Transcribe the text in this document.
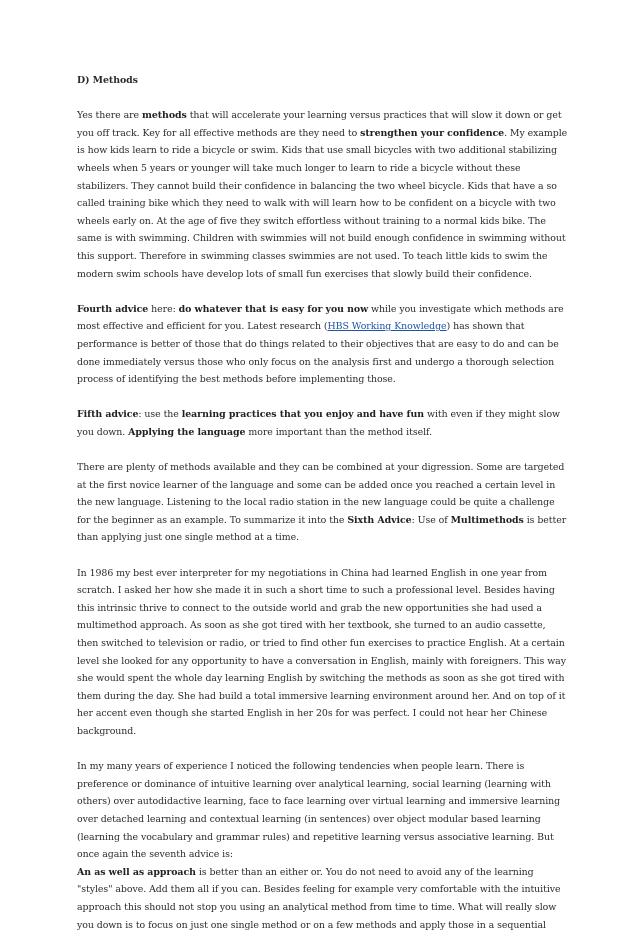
D) Methods

Yes there are methods that will accelerate your learning versus practices that will slow it down or get you off track. Key for all effective methods are they need to strengthen your confidence. My example is how kids learn to ride a bicycle or swim. Kids that use small bicycles with two additional stabilizing wheels when 5 years or younger will take much longer to learn to ride a bicycle without these stabilizers. They cannot build their confidence in balancing the two wheel bicycle. Kids that have a so called training bike which they need to walk with will learn how to be confident on a bicycle with two wheels early on. At the age of five they switch effortless without training to a normal kids bike. The same is with swimming. Children with swimmies will not build enough confidence in swimming without this support. Therefore in swimming classes swimmies are not used. To teach little kids to swim the modern swim schools have develop lots of small fun exercises that slowly build their confidence.

Fourth advice here: do whatever that is easy for you now while you investigate which methods are most effective and efficient for you. Latest research (HBS Working Knowledge) has shown that performance is better of those that do things related to their objectives that are easy to do and can be done immediately versus those who only focus on the analysis first and undergo a thorough selection process of identifying the best methods before implementing those.

Fifth advice: use the learning practices that you enjoy and have fun with even if they might slow you down. Applying the language more important than the method itself.

There are plenty of methods available and they can be combined at your digression. Some are targeted at the first novice learner of the language and some can be added once you reached a certain level in the new language. Listening to the local radio station in the new language could be quite a challenge for the beginner as an example. To summarize it into the Sixth Advice: Use of Multimethods is better than applying just one single method at a time.

In 1986 my best ever interpreter for my negotiations in China had learned English in one year from scratch. I asked her how she made it in such a short time to such a professional level. Besides having this intrinsic thrive to connect to the outside world and grab the new opportunities she had used a multimethod approach. As soon as she got tired with her textbook, she turned to an audio cassette, then switched to television or radio, or tried to find other fun exercises to practice English. At a certain level she looked for any opportunity to have a conversation in English, mainly with foreigners. This way she would spent the whole day learning English by switching the methods as soon as she got tired with them during the day. She had build a total immersive learning environment around her. And on top of it her accent even though she started English in her 20s for was perfect. I could not hear her Chinese background.

In my many years of experience I noticed the following tendencies when people learn. There is preference or dominance of intuitive learning over analytical learning, social learning (learning with others) over autodidactive learning, face to face learning over virtual learning and immersive learning over detached learning and contextual learning (in sentences) over object modular based learning (learning the vocabulary and grammar rules) and repetitive learning versus associative learning. But once again the seventh advice is:

An as well as approach is better than an either or. You do not need to avoid any of the learning "styles" above. Add them all if you can. Besides feeling for example very comfortable with the intuitive approach this should not stop you using an analytical method from time to time. What will really slow you down is to focus on just one single method or on a few methods and apply those in a sequential
